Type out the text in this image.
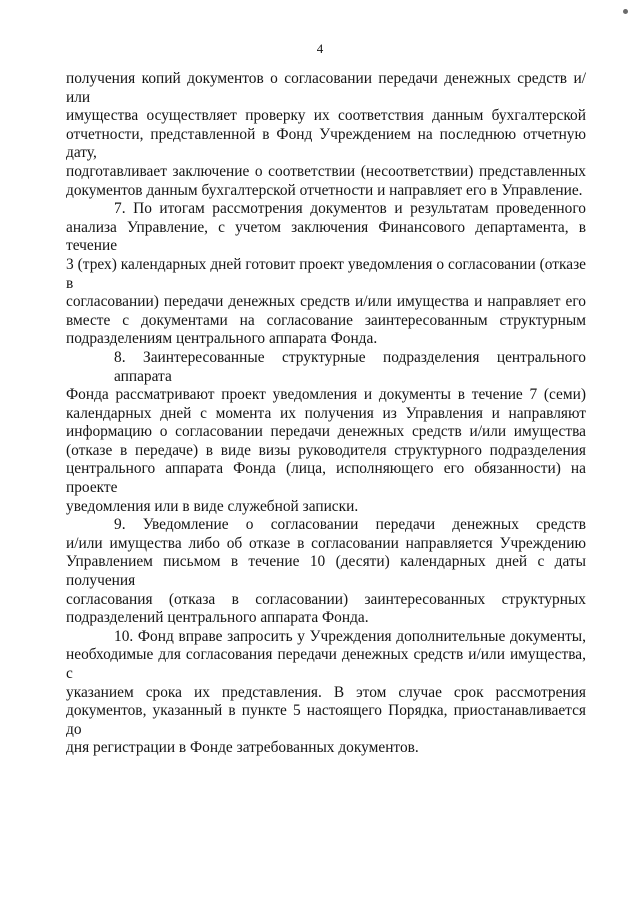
4

получения копий документов о согласовании передачи денежных средств и/или
имущества осуществляет проверку их соответствия данным бухгалтерской
отчетности, представленной в Фонд Учреждением на последнюю отчетную дату,
подготавливает заключение о соответствии (несоответствии) представленных
документов данным бухгалтерской отчетности и направляет его в Управление.

7. По итогам рассмотрения документов и результатам проведенного
анализа Управление, с учетом заключения Финансового департамента, в течение
3 (трех) календарных дней готовит проект уведомления о согласовании (отказе в
согласовании) передачи денежных средств и/или имущества и направляет его
вместе с документами на согласование заинтересованным структурным
подразделениям центрального аппарата Фонда.

8. Заинтересованные структурные подразделения центрального аппарата
Фонда рассматривают проект уведомления и документы в течение 7 (семи)
календарных дней с момента их получения из Управления и направляют
информацию о согласовании передачи денежных средств и/или имущества
(отказе в передаче) в виде визы руководителя структурного подразделения
центрального аппарата Фонда (лица, исполняющего его обязанности) на проекте
уведомления или в виде служебной записки.

9. Уведомление о согласовании передачи денежных средств
и/или имущества либо об отказе в согласовании направляется Учреждению
Управлением письмом в течение 10 (десяти) календарных дней с даты получения
согласования (отказа в согласовании) заинтересованных структурных
подразделений центрального аппарата Фонда.

10. Фонд вправе запросить у Учреждения дополнительные документы,
необходимые для согласования передачи денежных средств и/или имущества, с
указанием срока их представления. В этом случае срок рассмотрения
документов, указанный в пункте 5 настоящего Порядка, приостанавливается до
дня регистрации в Фонде затребованных документов.
